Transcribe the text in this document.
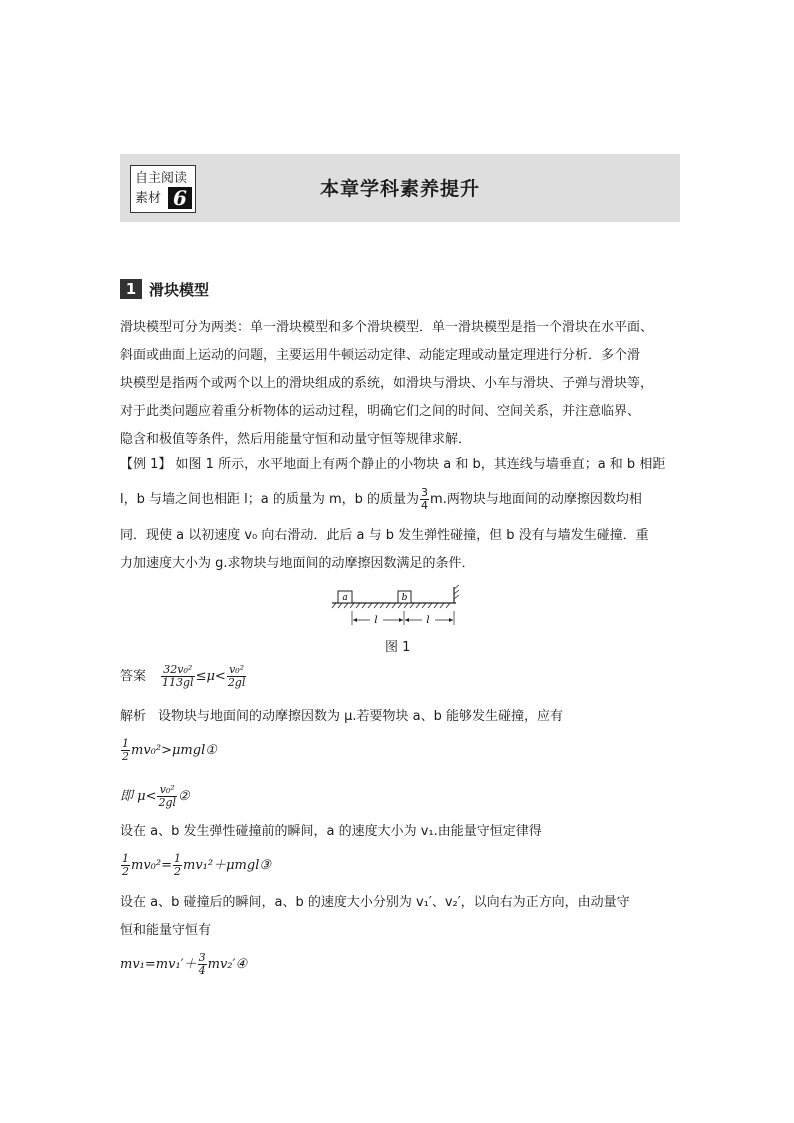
自主阅读
素材 6	本章学科素养提升
1 滑块模型
滑块模型可分为两类：单一滑块模型和多个滑块模型．单一滑块模型是指一个滑块在水平面、
斜面或曲面上运动的问题，主要运用牛顿运动定律、动能定理或动量定理进行分析．多个滑
块模型是指两个或两个以上的滑块组成的系统，如滑块与滑块、小车与滑块、子弹与滑块等，
对于此类问题应着重分析物体的运动过程，明确它们之间的时间、空间关系，并注意临界、
隐含和极值等条件，然后用能量守恒和动量守恒等规律求解．
【例 1】 如图 1 所示，水平地面上有两个静止的小物块 a 和 b，其连线与墙垂直；a 和 b 相距
l，b 与墙之间也相距 l；a 的质量为 m，b 的质量为 $\frac{3}{4} m$.两物块与地面间的动摩擦因数均相
同．现使 a 以初速度 v₀ 向右滑动．此后 a 与 b 发生弹性碰撞，但 b 没有与墙发生碰撞．重
力加速度大小为 g.求物块与地面间的动摩擦因数满足的条件．
a	b
l	l
图 1
答案 $\frac{\text{32v₀²}}{113gl} \le\mu< \frac{\text{v₀²}}{2gl}$
解析 设物块与地面间的动摩擦因数为 μ.若要物块 a、b 能够发生碰撞，应有
$\frac{1}{2}$ mv₀²>μmgl①
即 $\mu< \frac{\text{v₀²}}{2gl}$ ②
设在 a、b 发生弹性碰撞前的瞬间，a 的速度大小为 v₁.由能量守恒定律得
$\frac{1}{2} mv_0^2= \frac{1}{2}$ mv₁²＋μmgl③
设在 a、b 碰撞后的瞬间，a、b 的速度大小分别为 v₁′、v₂′，以向右为正方向，由动量守
恒和能量守恒有
$mv_1=mv_1'+ \frac{3}{4}$ mv₂′④
